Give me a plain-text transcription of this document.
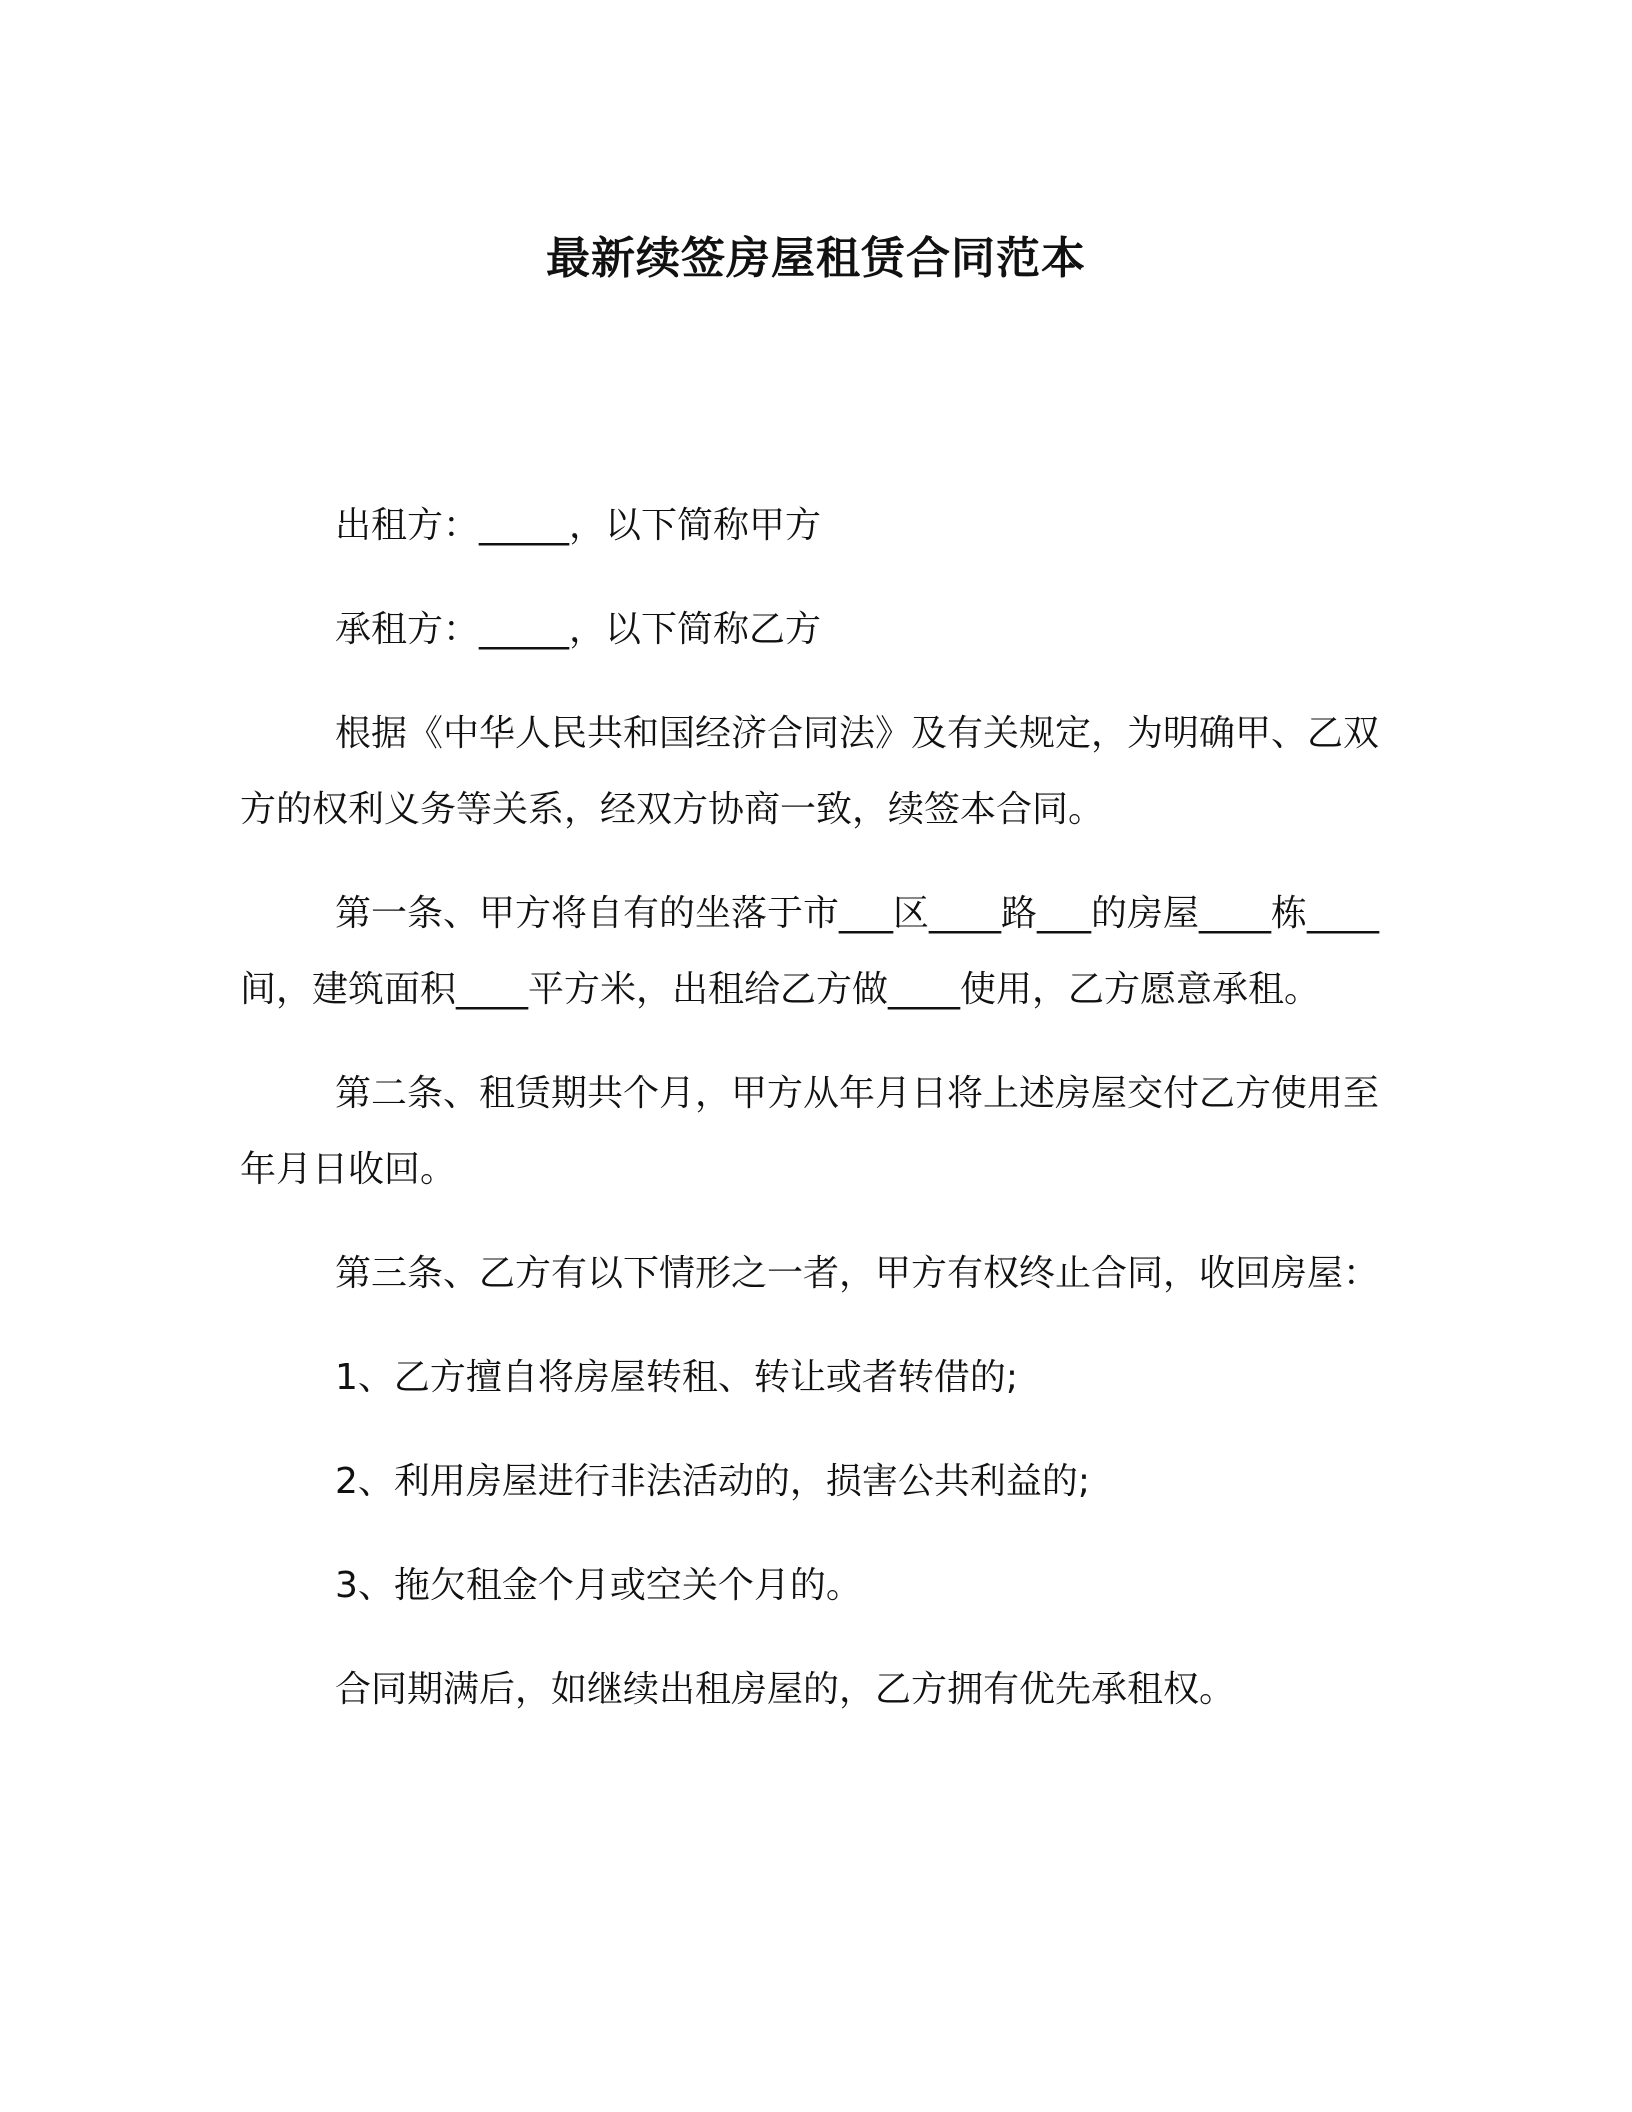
最新续签房屋租赁合同范本

出租方：_____，以下简称甲方

承租方：_____，以下简称乙方

根据《中华人民共和国经济合同法》及有关规定，为明确甲、乙双方的权利义务等关系，经双方协商一致，续签本合同。

第一条、甲方将自有的坐落于市___区____路___的房屋____栋____间，建筑面积____平方米，出租给乙方做____使用，乙方愿意承租。

第二条、租赁期共个月，甲方从年月日将上述房屋交付乙方使用至年月日收回。

第三条、乙方有以下情形之一者，甲方有权终止合同，收回房屋：

1、乙方擅自将房屋转租、转让或者转借的;

2、利用房屋进行非法活动的，损害公共利益的;

3、拖欠租金个月或空关个月的。

合同期满后，如继续出租房屋的，乙方拥有优先承租权。
